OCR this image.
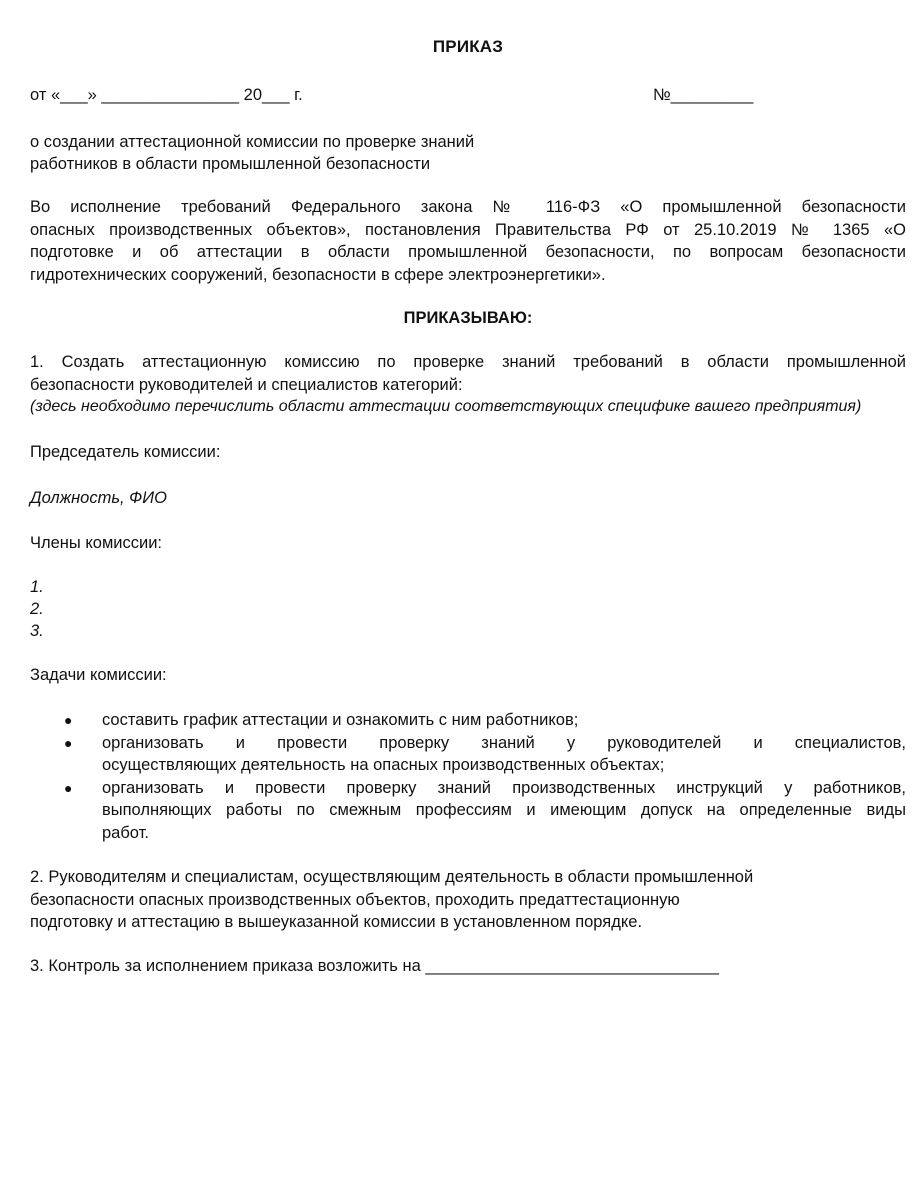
ПРИКАЗ
от «___» _______________ 20___ г.	№_________
о создании аттестационной комиссии по проверке знаний
работников в области промышленной безопасности
Во исполнение требований Федерального закона № 116-ФЗ «О промышленной безопасности
опасных производственных объектов», постановления Правительства РФ от 25.10.2019 № 1365 «О
подготовке и об аттестации в области промышленной безопасности, по вопросам безопасности
гидротехнических сооружений, безопасности в сфере электроэнергетики».
ПРИКАЗЫВАЮ:
1. Создать аттестационную комиссию по проверке знаний требований в области промышленной
безопасности руководителей и специалистов категорий:
(здесь необходимо перечислить области аттестации соответствующих специфике вашего предприятия)
Председатель комиссии:
Должность, ФИО
Члены комиссии:
1.
2.
3.
Задачи комиссии:
● составить график аттестации и ознакомить с ним работников;
● организовать и провести проверку знаний у руководителей и специалистов,
осуществляющих деятельность на опасных производственных объектах;
● организовать и провести проверку знаний производственных инструкций у работников,
выполняющих работы по смежным профессиям и имеющим допуск на определенные виды
работ.
2. Руководителям и специалистам, осуществляющим деятельность в области промышленной
безопасности опасных производственных объектов, проходить предаттестационную
подготовку и аттестацию в вышеуказанной комиссии в установленном порядке.
3. Контроль за исполнением приказа возложить на ________________________________
